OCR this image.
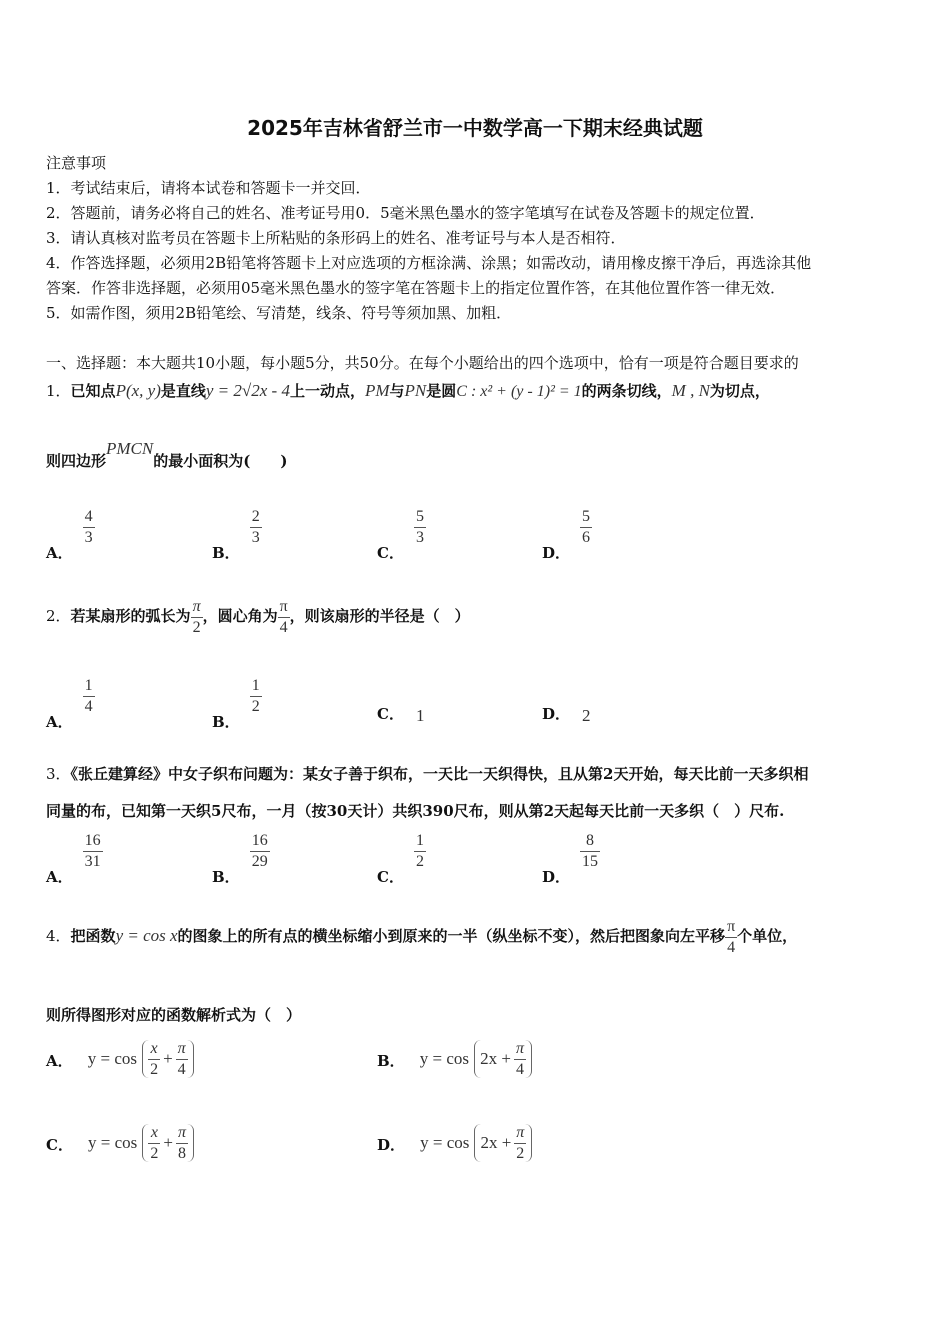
2025年吉林省舒兰市一中数学高一下期末经典试题
注意事项
1．考试结束后，请将本试卷和答题卡一并交回．
2．答题前，请务必将自己的姓名、准考证号用0．5毫米黑色墨水的签字笔填写在试卷及答题卡的规定位置．
3．请认真核对监考员在答题卡上所粘贴的条形码上的姓名、准考证号与本人是否相符．
4．作答选择题，必须用2B铅笔将答题卡上对应选项的方框涂满、涂黑；如需改动，请用橡皮擦干净后，再选涂其他
答案．作答非选择题，必须用05毫米黑色墨水的签字笔在答题卡上的指定位置作答，在其他位置作答一律无效．
5．如需作图，须用2B铅笔绘、写清楚，线条、符号等须加黑、加粗．
一、选择题：本大题共10小题，每小题5分，共50分。在每个小题给出的四个选项中，恰有一项是符合题目要求的
1．已知点P(x, y)是直线y = 2√2x - 4上一动点，PM与PN是圆C : x² + (y - 1)² = 1的两条切线，M , N为切点，
则四边形PMCN的最小面积为(　　)
A．
$\frac{4}{3}$
B．
$\frac{2}{3}$
C．
$\frac{5}{3}$
D．
$\frac{5}{6}$
2．若某扇形的弧长为 $\frac{\pi}{2}$ ，圆心角为 $\frac{\pi}{4}$ ，则该扇形的半径是（　）
A．
$\frac{1}{4}$
B．
$\frac{1}{2}$	C． 1	D． 2
3．《张丘建算经》中女子织布问题为：某女子善于织布，一天比一天织得快，且从第2天开始，每天比前一天多织相
同量的布，已知第一天织5尺布，一月（按30天计）共织390尺布，则从第2天起每天比前一天多织（　）尺布.
A．
$\frac{16}{31}$
B．
$\frac{16}{29}$
C．
$\frac{1}{2}$
D．
$\frac{8}{15}$
4．把函数y = cos x的图象上的所有点的横坐标缩小到原来的一半（纵坐标不变），然后把图象向左平移 $\frac{\pi}{4}$ 个单位，
则所得图形对应的函数解析式为（　）
A． $y = \cos \frac{x}{2} + \frac{\pi}{4}$	B． $y = \cos 2x + \frac{\pi}{4}$
C． $y = \cos \frac{x}{2} + \frac{\pi}{8}$	D． $y = \cos 2x + \frac{\pi}{2}$
